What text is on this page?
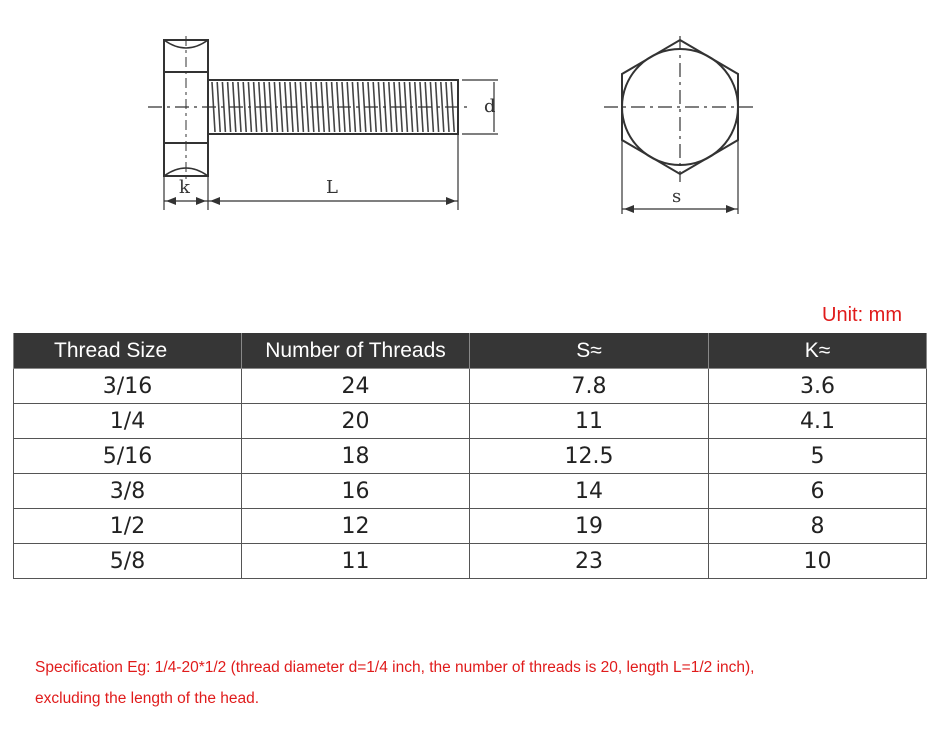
k	L
d
s
Unit: mm
Thread Size	Number of Threads	S≈	K≈
3/16	24	7.8	3.6
1/4	20	11	4.1
5/16	18	12.5	5
3/8	16	14	6
1/2	12	19	8
5/8	11	23	10
Specification Eg: 1/4-20*1/2 (thread diameter d=1/4 inch, the number of threads is 20, length L=1/2 inch),
excluding the length of the head.
